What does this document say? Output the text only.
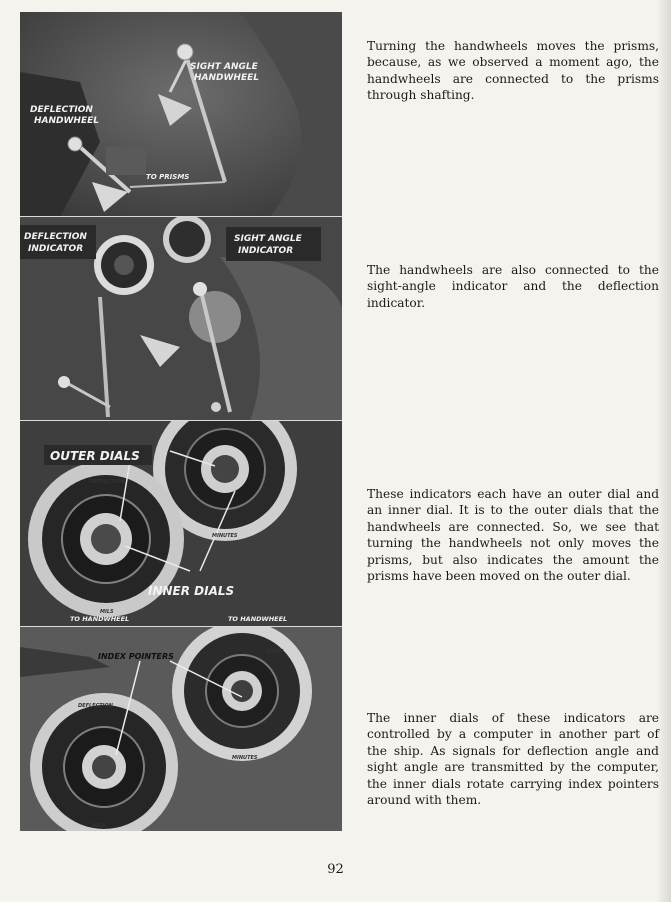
SIGHT ANGLE
HANDWHEEL
DEFLECTION
HANDWHEEL
TO PRISMS
DEFLECTION
INDICATOR
SIGHT ANGLE
INDICATOR
OUTER DIALS
INNER DIALS
TO HANDWHEEL	TO HANDWHEEL
DEFLECTION
MILS
MINUTES
INDEX POINTERS
DEFLECTION
MILS
SIGHT
MINUTES

Turning the handwheels moves the prisms, because, as we observed a moment ago, the handwheels are connected to the prisms through shafting.

The handwheels are also connected to the sight-angle indicator and the deflection indicator.

These indicators each have an outer dial and an inner dial. It is to the outer dials that the handwheels are connected. So, we see that turning the handwheels not only moves the prisms, but also indicates the amount the prisms have been moved on the outer dial.

The inner dials of these indicators are controlled by a computer in another part of the ship. As signals for deflection angle and sight angle are transmitted by the computer, the inner dials rotate carrying index pointers around with them.

92
